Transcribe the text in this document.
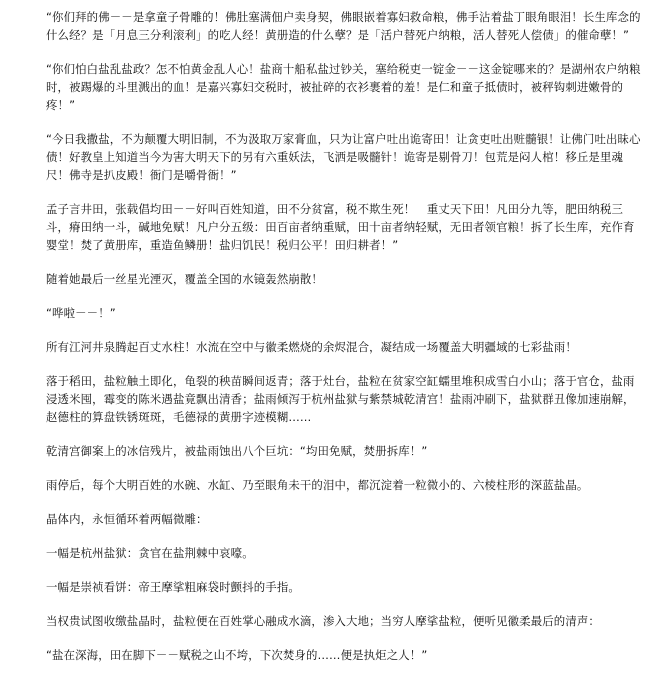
“你们拜的佛－－是拿童子骨雕的！佛肚塞满佃户卖身契，佛眼嵌着寡妇救命粮，佛手沾着盐丁眼角眼泪！长生库念的什么经？是「月息三分利滚利」的吃人经！黄册造的什么孽？是「活户替死户纳粮，活人替死人偿债」的催命孽！”

“你们怕白盐乱盐政？怎不怕黄金乱人心！盐商十船私盐过钞关，塞给税吏一锭金－－这金锭哪来的？是湖州农户纳粮时，被踢爆的斗里溅出的血！是嘉兴寡妇交税时，被扯碎的衣衫裹着的羞！是仁和童子抵债时，被秤钩刺进嫩骨的疼！”

“今日我撒盐，不为颠覆大明旧制，不为汲取万家膏血，只为让富户吐出诡寄田！让贪吏吐出赃髓银！让佛门吐出昧心债！好教皇上知道当今为害大明天下的另有六重妖法，飞洒是吸髓针！诡寄是剔骨刀！包荒是闷人棺！移丘是里魂尺！佛寺是扒皮殿！衙门是嚼骨衙！”

孟子言井田，张载倡均田－－好叫百姓知道，田不分贫富，税不欺生死！　重丈天下田！凡田分九等，肥田纳税三斗，瘠田纳一斗，碱地免赋！凡户分五级：田百亩者纳重赋，田十亩者纳轻赋，无田者领官粮！拆了长生库，充作育婴堂！焚了黄册库，重造鱼鳞册！盐归饥民！税归公平！田归耕者！”

随着她最后一丝星光湮灭，覆盖全国的水镜轰然崩散！

“哗啦－－！”

所有江河井泉腾起百丈水柱！水流在空中与徽柔燃烧的余烬混合，凝结成一场覆盖大明疆域的七彩盐雨！

落于稻田，盐粒触土即化，龟裂的秧苗瞬间返青；落于灶台，盐粒在贫家空缸蠕里堆积成雪白小山；落于官仓，盐雨浸透米囤，霉变的陈米遇盐竟飘出清香；盐雨倾泻于杭州盐狱与紫禁城乾清宫！盐雨冲刷下，盐狱群丑像加速崩解，赵德柱的算盘铁锈斑斑，毛德禄的黄册字迹模糊……

乾清宫御案上的冰信残片，被盐雨蚀出八个巨坑：“均田免赋，焚册拆库！”

雨停后，每个大明百姓的水碗、水缸、乃至眼角未干的泪中，都沉淀着一粒微小的、六棱柱形的深蓝盐晶。

晶体内，永恒循环着两幅微雕：

一幅是杭州盐狱：贪官在盐荆棘中哀嚎。

一幅是崇祯看饼：帝王摩挲粗麻袋时颤抖的手指。

当权贵试图收缴盐晶时，盐粒便在百姓掌心融成水滴，渗入大地；当穷人摩挲盐粒，便听见徽柔最后的清声：

“盐在深海，田在脚下－－赋税之山不垮，下次焚身的……便是执炬之人！”
